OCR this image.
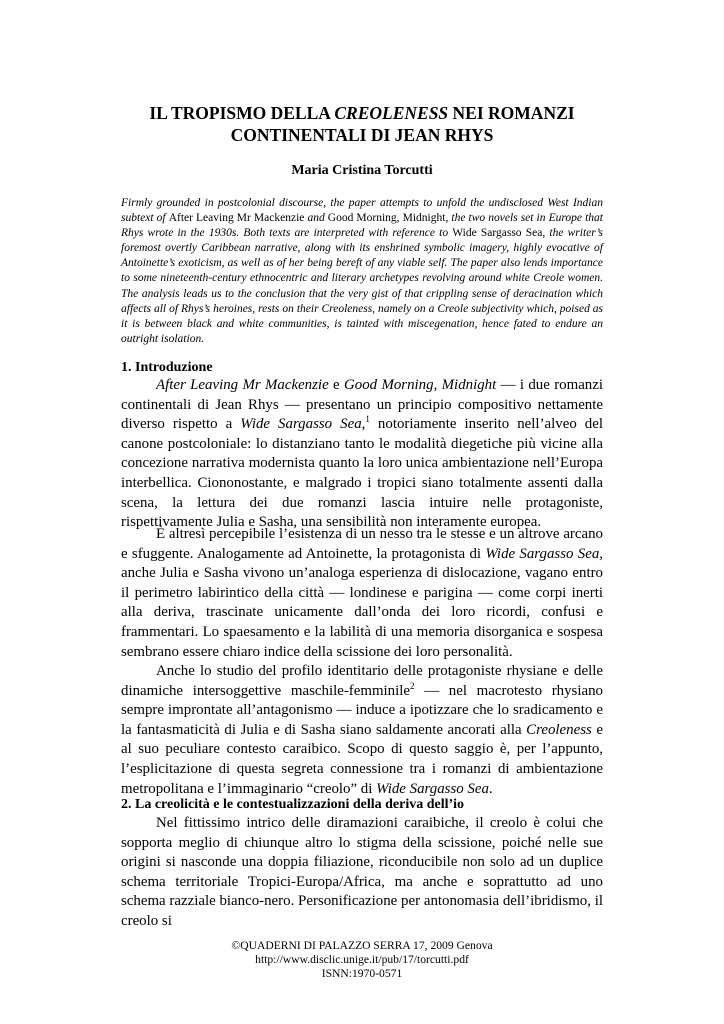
IL TROPISMO DELLA CREOLENESS NEI ROMANZI
CONTINENTALI DI JEAN RHYS
Maria Cristina Torcutti
Firmly grounded in postcolonial discourse, the paper attempts to unfold the undisclosed West Indian subtext of After Leaving Mr Mackenzie and Good Morning, Midnight, the two novels set in Europe that Rhys wrote in the 1930s. Both texts are interpreted with reference to Wide Sargasso Sea, the writer’s foremost overtly Caribbean narrative, along with its enshrined symbolic imagery, highly evocative of Antoinette’s exoticism, as well as of her being bereft of any viable self. The paper also lends importance to some nineteenth-century ethnocentric and literary archetypes revolving around white Creole women. The analysis leads us to the conclusion that the very gist of that crippling sense of deracination which affects all of Rhys’s heroines, rests on their Creoleness, namely on a Creole subjectivity which, poised as it is between black and white communities, is tainted with miscegenation, hence fated to endure an outright isolation.
1. Introduzione
After Leaving Mr Mackenzie e Good Morning, Midnight — i due romanzi continentali di Jean Rhys — presentano un principio compositivo nettamente diverso rispetto a Wide Sargasso Sea,$^1$ notoriamente inserito nell’alveo del canone postcoloniale: lo distanziano tanto le modalità diegetiche più vicine alla concezione narrativa modernista quanto la loro unica ambientazione nell’Europa interbellica. Ciononostante, e malgrado i tropici siano totalmente assenti dalla scena, la lettura dei due romanzi lascia intuire nelle protagoniste, rispettivamente Julia e Sasha, una sensibilità non interamente europea.
È altresì percepibile l’esistenza di un nesso tra le stesse e un altrove arcano e sfuggente. Analogamente ad Antoinette, la protagonista di Wide Sargasso Sea, anche Julia e Sasha vivono un’analoga esperienza di dislocazione, vagano entro il perimetro labirintico della città — londinese e parigina — come corpi inerti alla deriva, trascinate unicamente dall’onda dei loro ricordi, confusi e frammentari. Lo spaesamento e la labilità di una memoria disorganica e sospesa sembrano essere chiaro indice della scissione dei loro personalità.
Anche lo studio del profilo identitario delle protagoniste rhysiane e delle dinamiche intersoggettive maschile-femminile$^2$ — nel macrotesto rhysiano sempre improntate all’antagonismo — induce a ipotizzare che lo sradicamento e la fantasmaticità di Julia e di Sasha siano saldamente ancorati alla Creoleness e al suo peculiare contesto caraibico. Scopo di questo saggio è, per l’appunto, l’esplicitazione di questa segreta connessione tra i romanzi di ambientazione metropolitana e l’immaginario “creolo” di Wide Sargasso Sea.
2. La creolicità e le contestualizzazioni della deriva dell’io
Nel fittissimo intrico delle diramazioni caraibiche, il creolo è colui che sopporta meglio di chiunque altro lo stigma della scissione, poiché nelle sue origini si nasconde una doppia filiazione, riconducibile non solo ad un duplice schema territoriale Tropici-Europa/Africa, ma anche e soprattutto ad uno schema razziale bianco-nero. Personificazione per antonomasia dell’ibridismo, il creolo si
©QUADERNI DI PALAZZO SERRA 17, 2009 Genova
http://www.disclic.unige.it/pub/17/torcutti.pdf
ISNN:1970-0571
